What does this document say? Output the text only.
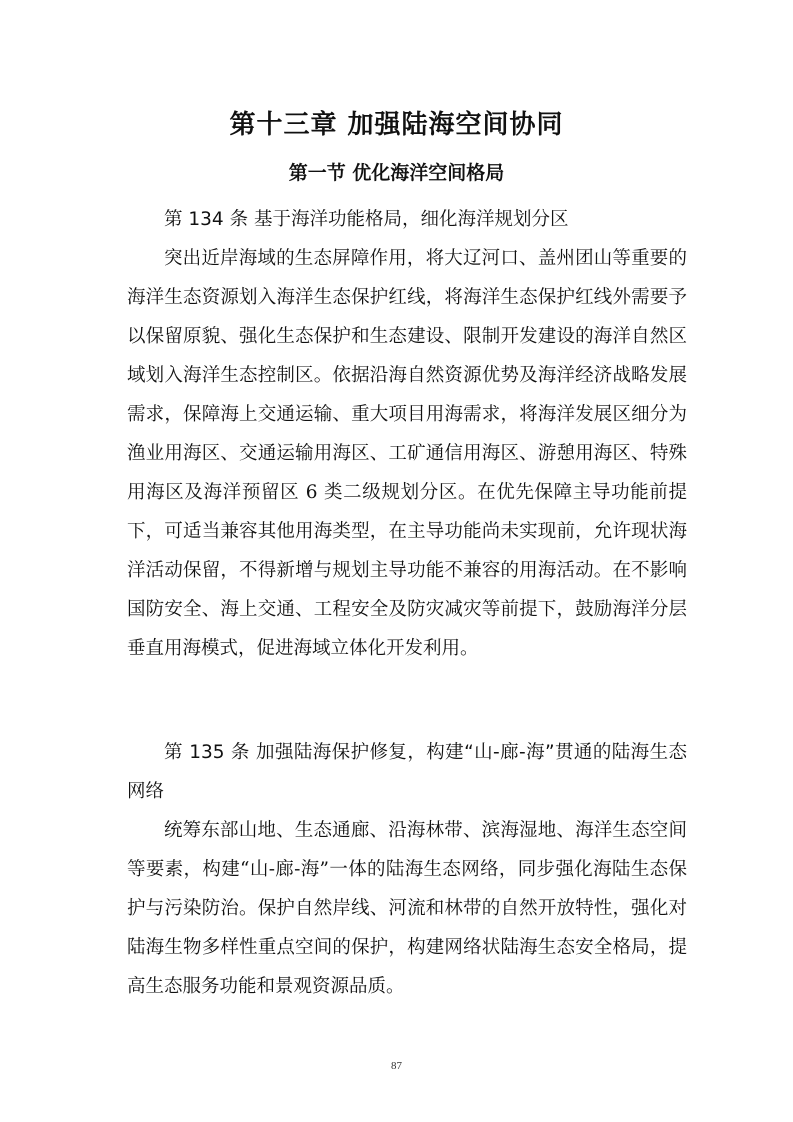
第十三章 加强陆海空间协同
第一节 优化海洋空间格局

第 134 条 基于海洋功能格局，细化海洋规划分区

突出近岸海域的生态屏障作用，将大辽河口、盖州团山等重要的海洋生态资源划入海洋生态保护红线，将海洋生态保护红线外需要予以保留原貌、强化生态保护和生态建设、限制开发建设的海洋自然区域划入海洋生态控制区。依据沿海自然资源优势及海洋经济战略发展需求，保障海上交通运输、重大项目用海需求，将海洋发展区细分为渔业用海区、交通运输用海区、工矿通信用海区、游憩用海区、特殊用海区及海洋预留区 6 类二级规划分区。在优先保障主导功能前提下，可适当兼容其他用海类型，在主导功能尚未实现前，允许现状海洋活动保留，不得新增与规划主导功能不兼容的用海活动。在不影响国防安全、海上交通、工程安全及防灾减灾等前提下，鼓励海洋分层垂直用海模式，促进海域立体化开发利用。

第 135 条 加强陆海保护修复，构建“山-廊-海”贯通的陆海生态网络

统筹东部山地、生态通廊、沿海林带、滨海湿地、海洋生态空间等要素，构建“山-廊-海”一体的陆海生态网络，同步强化海陆生态保护与污染防治。保护自然岸线、河流和林带的自然开放特性，强化对陆海生物多样性重点空间的保护，构建网络状陆海生态安全格局，提高生态服务功能和景观资源品质。

87
